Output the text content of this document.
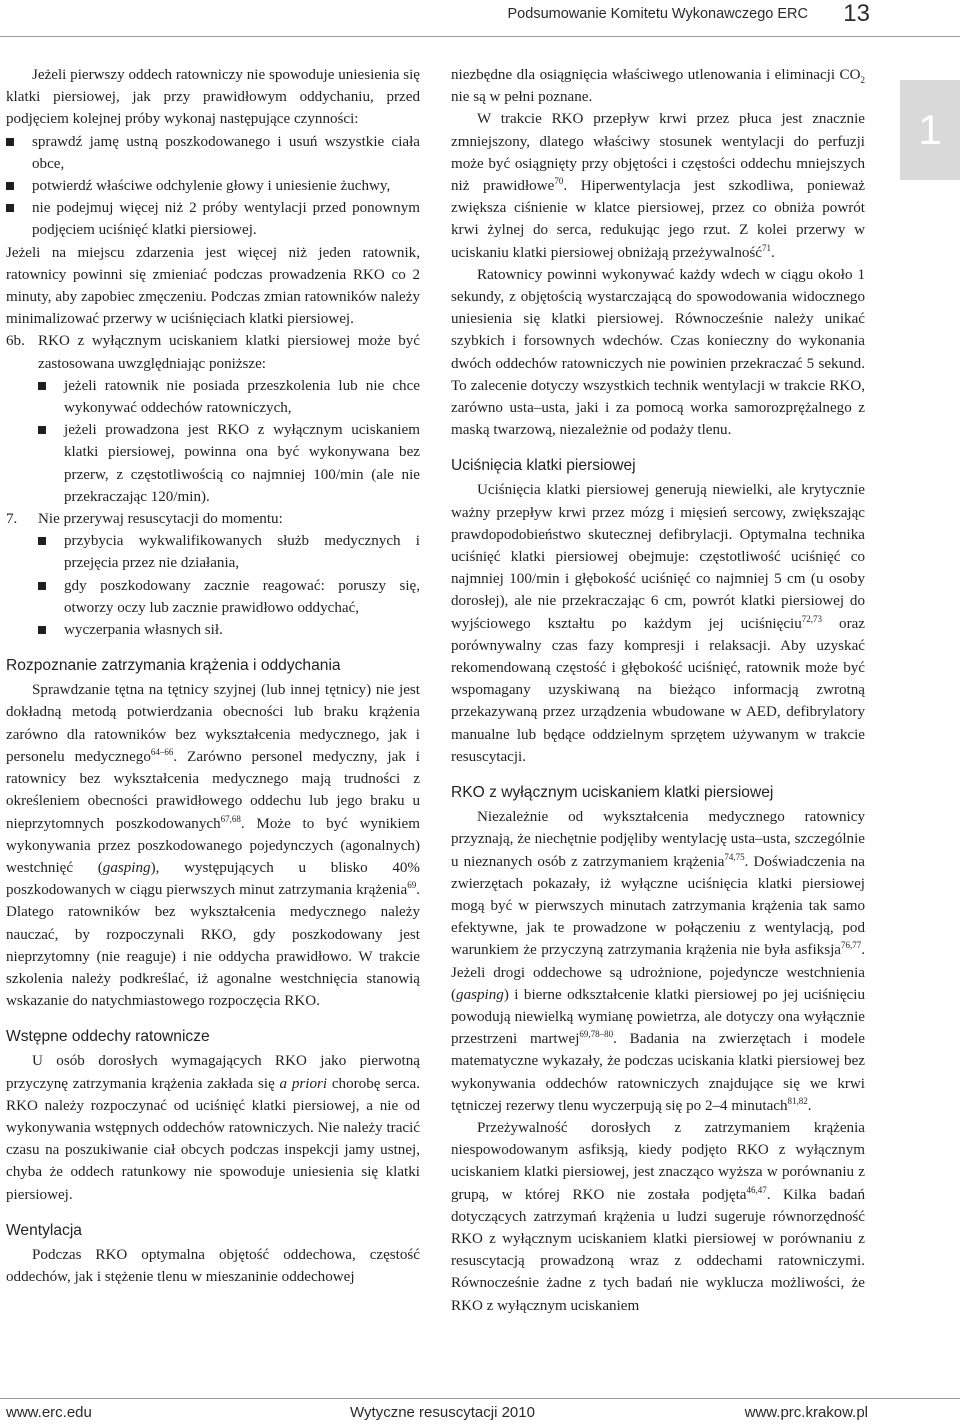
Podsumowanie Komitetu Wykonawczego ERC 13
1

Jeżeli pierwszy oddech ratowniczy nie spowoduje uniesienia się klatki piersiowej, jak przy prawidłowym oddychaniu, przed podjęciem kolejnej próby wykonaj następujące czynności:

sprawdź jamę ustną poszkodowanego i usuń wszystkie ciała obce,
potwierdź właściwe odchylenie głowy i uniesienie żuchwy,
nie podejmuj więcej niż 2 próby wentylacji przed ponownym podjęciem uciśnięć klatki piersiowej.

Jeżeli na miejscu zdarzenia jest więcej niż jeden ratownik, ratownicy powinni się zmieniać podczas prowadzenia RKO co 2 minuty, aby zapobiec zmęczeniu. Podczas zmian ratowników należy minimalizować przerwy w uciśnięciach klatki piersiowej.

6b. RKO z wyłącznym uciskaniem klatki piersiowej może być zastosowana uwzględniając poniższe:
jeżeli ratownik nie posiada przeszkolenia lub nie chce wykonywać oddechów ratowniczych,
jeżeli prowadzona jest RKO z wyłącznym uciskaniem klatki piersiowej, powinna ona być wykonywana bez przerw, z częstotliwością co najmniej 100/min (ale nie przekraczając 120/min).
7. Nie przerywaj resuscytacji do momentu:
przybycia wykwalifikowanych służb medycznych i przejęcia przez nie działania,
gdy poszkodowany zacznie reagować: poruszy się, otworzy oczy lub zacznie prawidłowo oddychać,
wyczerpania własnych sił.
Rozpoznanie zatrzymania krążenia i oddychania

Sprawdzanie tętna na tętnicy szyjnej (lub innej tętnicy) nie jest dokładną metodą potwierdzania obecności lub braku krążenia zarówno dla ratowników bez wykształcenia medycznego, jak i personelu medycznego$^{64-66}$. Zarówno personel medyczny, jak i ratownicy bez wykształcenia medycznego mają trudności z określeniem obecności prawidłowego oddechu lub jego braku u nieprzytomnych poszkodowanych$^{67,68}$. Może to być wynikiem wykonywania przez poszkodowanego pojedynczych (agonalnych) westchnięć (gasping), występujących u blisko 40% poszkodowanych w ciągu pierwszych minut zatrzymania krążenia$^{69}$. Dlatego ratowników bez wykształcenia medycznego należy nauczać, by rozpoczynali RKO, gdy poszkodowany jest nieprzytomny (nie reaguje) i nie oddycha prawidłowo. W trakcie szkolenia należy podkreślać, iż agonalne westchnięcia stanowią wskazanie do natychmiastowego rozpoczęcia RKO.

Wstępne oddechy ratownicze

U osób dorosłych wymagających RKO jako pierwotną przyczynę zatrzymania krążenia zakłada się a priori chorobę serca. RKO należy rozpoczynać od uciśnięć klatki piersiowej, a nie od wykonywania wstępnych oddechów ratowniczych. Nie należy tracić czasu na poszukiwanie ciał obcych podczas inspekcji jamy ustnej, chyba że oddech ratunkowy nie spowoduje uniesienia się klatki piersiowej.

Wentylacja

Podczas RKO optymalna objętość oddechowa, częstość oddechów, jak i stężenie tlenu w mieszaninie oddechowej

niezbędne dla osiągnięcia właściwego utlenowania i eliminacji $CO_2$ nie są w pełni poznane.

W trakcie RKO przepływ krwi przez płuca jest znacznie zmniejszony, dlatego właściwy stosunek wentylacji do perfuzji może być osiągnięty przy objętości i częstości oddechu mniejszych niż prawidłowe$^{70}$. Hiperwentylacja jest szkodliwa, ponieważ zwiększa ciśnienie w klatce piersiowej, przez co obniża powrót krwi żylnej do serca, redukując jego rzut. Z kolei przerwy w uciskaniu klatki piersiowej obniżają przeżywalność$^{71}$.

Ratownicy powinni wykonywać każdy wdech w ciągu około 1 sekundy, z objętością wystarczającą do spowodowania widocznego uniesienia się klatki piersiowej. Równocześnie należy unikać szybkich i forsownych wdechów. Czas konieczny do wykonania dwóch oddechów ratowniczych nie powinien przekraczać 5 sekund. To zalecenie dotyczy wszystkich technik wentylacji w trakcie RKO, zarówno usta–usta, jaki i za pomocą worka samorozprężalnego z maską twarzową, niezależnie od podaży tlenu.

Uciśnięcia klatki piersiowej

Uciśnięcia klatki piersiowej generują niewielki, ale krytycznie ważny przepływ krwi przez mózg i mięsień sercowy, zwiększając prawdopodobieństwo skutecznej defibrylacji. Optymalna technika uciśnięć klatki piersiowej obejmuje: częstotliwość uciśnięć co najmniej 100/min i głębokość uciśnięć co najmniej 5 cm (u osoby dorosłej), ale nie przekraczając 6 cm, powrót klatki piersiowej do wyjściowego kształtu po każdym jej uciśnięciu$^{72,73}$ oraz porównywalny czas fazy kompresji i relaksacji. Aby uzyskać rekomendowaną częstość i głębokość uciśnięć, ratownik może być wspomagany uzyskiwaną na bieżąco informacją zwrotną przekazywaną przez urządzenia wbudowane w AED, defibrylatory manualne lub będące oddzielnym sprzętem używanym w trakcie resuscytacji.

RKO z wyłącznym uciskaniem klatki piersiowej

Niezależnie od wykształcenia medycznego ratownicy przyznają, że niechętnie podjęliby wentylację usta–usta, szczególnie u nieznanych osób z zatrzymaniem krążenia$^{74,75}$. Doświadczenia na zwierzętach pokazały, iż wyłączne uciśnięcia klatki piersiowej mogą być w pierwszych minutach zatrzymania krążenia tak samo efektywne, jak te prowadzone w połączeniu z wentylacją, pod warunkiem że przyczyną zatrzymania krążenia nie była asfiksja$^{76,77}$. Jeżeli drogi oddechowe są udrożnione, pojedyncze westchnienia (gasping) i bierne odkształcenie klatki piersiowej po jej uciśnięciu powodują niewielką wymianę powietrza, ale dotyczy ona wyłącznie przestrzeni martwej$^{69,78-80}$. Badania na zwierzętach i modele matematyczne wykazały, że podczas uciskania klatki piersiowej bez wykonywania oddechów ratowniczych znajdujące się we krwi tętniczej rezerwy tlenu wyczerpują się po 2–4 minutach$^{81,82}$.

Przeżywalność dorosłych z zatrzymaniem krążenia niespowodowanym asfiksją, kiedy podjęto RKO z wyłącznym uciskaniem klatki piersiowej, jest znacząco wyższa w porównaniu z grupą, w której RKO nie została podjęta$^{46,47}$. Kilka badań dotyczących zatrzymań krążenia u ludzi sugeruje równorzędność RKO z wyłącznym uciskaniem klatki piersiowej w porównaniu z resuscytacją prowadzoną wraz z oddechami ratowniczymi. Równocześnie żadne z tych badań nie wyklucza możliwości, że RKO z wyłącznym uciskaniem

www.erc.edu	Wytyczne resuscytacji 2010	www.prc.krakow.pl
